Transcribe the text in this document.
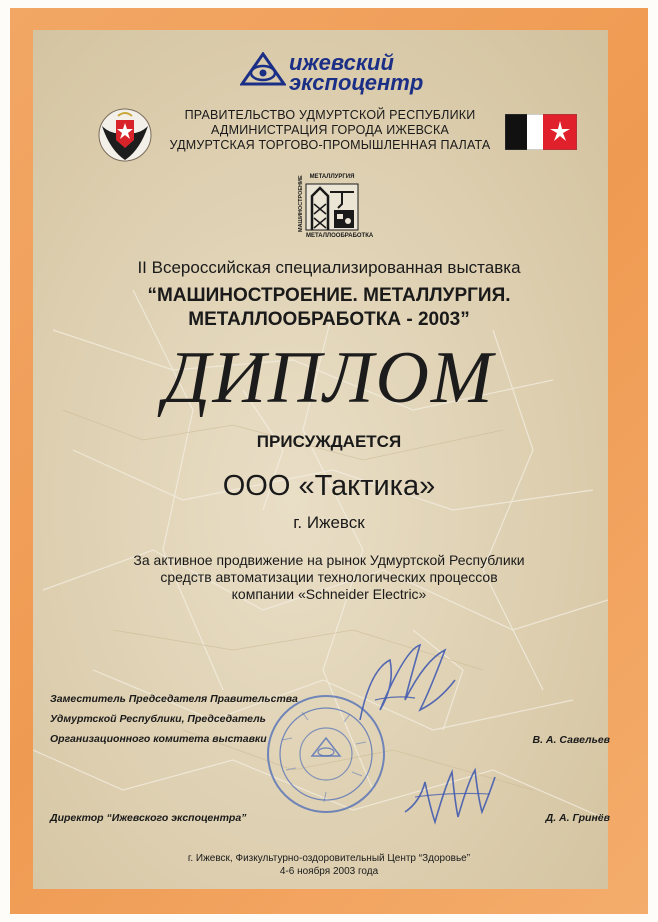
ижевский
экспоцентр
ПРАВИТЕЛЬСТВО УДМУРТСКОЙ РЕСПУБЛИКИ
АДМИНИСТРАЦИЯ ГОРОДА ИЖЕВСКА
УДМУРТСКАЯ ТОРГОВО-ПРОМЫШЛЕННАЯ ПАЛАТА
МЕТАЛЛУРГИЯ
МАШИНОСТРОЕНИЕ
МЕТАЛЛООБРАБОТКА
II Всероссийская специализированная выставка
“МАШИНОСТРОЕНИЕ. МЕТАЛЛУРГИЯ.
МЕТАЛЛООБРАБОТКА - 2003”
ДИПЛОМ
ПРИСУЖДАЕТСЯ
ООО «Тактика»
г. Ижевск
За активное продвижение на рынок Удмуртской Республики
средств автоматизации технологических процессов
компании «Schneider Electric»
Заместитель Председателя Правительства
Удмуртской Республики, Председатель
Организационного комитета выставки	В. А. Савельев
Директор “Ижевского экспоцентра”	Д. А. Гринёв
г. Ижевск, Физкультурно-оздоровительный Центр “Здоровье”
4-6 ноября 2003 года
